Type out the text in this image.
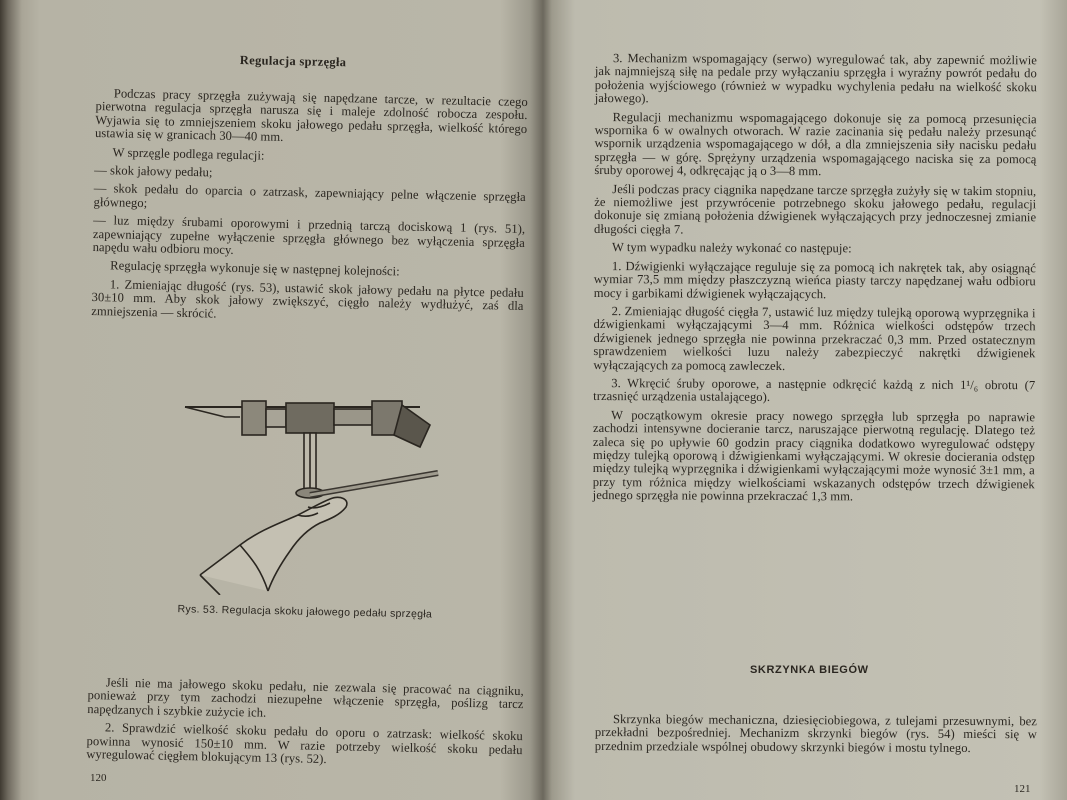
Regulacja sprzęgła

Podczas pracy sprzęgła zużywają się napędzane tarcze, w rezultacie czego pierwotna regulacja sprzęgła narusza się i maleje zdolność robocza zespołu. Wyjawia się to zmniejszeniem skoku jałowego pedału sprzęgła, wielkość którego ustawia się w granicach 30—40 mm.

W sprzęgle podlega regulacji:

— skok jałowy pedału;

— skok pedału do oparcia o zatrzask, zapewniający pelne włączenie sprzęgła głównego;

— luz między śrubami oporowymi i przednią tarczą dociskową 1 (rys. 51), zapewniający zupełne wyłączenie sprzęgła głównego bez wyłączenia sprzęgła napędu wału odbioru mocy.

Regulację sprzęgła wykonuje się w następnej kolejności:

1. Zmieniając długość (rys. 53), ustawić skok jałowy pedału na płytce pedału 30±10 mm. Aby skok jałowy zwiększyć, cięgło należy wydłużyć, zaś dla zmniejszenia — skrócić.

Rys. 53. Regulacja skoku jałowego pedału sprzęgła

Jeśli nie ma jałowego skoku pedału, nie zezwala się pracować na ciągniku, ponieważ przy tym zachodzi niezupełne włączenie sprzęgła, poślizg tarcz napędzanych i szybkie zużycie ich.

2. Sprawdzić wielkość skoku pedału do oporu o zatrzask: wielkość skoku powinna wynosić 150±10 mm. W razie potrzeby wielkość skoku pedału wyregulować cięgłem blokującym 13 (rys. 52).

120

3. Mechanizm wspomagający (serwo) wyregulować tak, aby zapewnić możliwie jak najmniejszą siłę na pedale przy wyłączaniu sprzęgła i wyraźny powrót pedału do położenia wyjściowego (również w wypadku wychylenia pedału na wielkość skoku jałowego).

Regulacji mechanizmu wspomagającego dokonuje się za pomocą przesunięcia wspornika 6 w owalnych otworach. W razie zacinania się pedału należy przesunąć wspornik urządzenia wspomagającego w dół, a dla zmniejszenia siły nacisku pedału sprzęgła — w górę. Sprężyny urządzenia wspomagającego naciska się za pomocą śruby oporowej 4, odkręcając ją o 3—8 mm.

Jeśli podczas pracy ciągnika napędzane tarcze sprzęgła zużyły się w takim stopniu, że niemożliwe jest przywrócenie potrzebnego skoku jałowego pedału, regulacji dokonuje się zmianą położenia dźwigienek wyłączających przy jednoczesnej zmianie długości cięgła 7.

W tym wypadku należy wykonać co następuje:

1. Dźwigienki wyłączające reguluje się za pomocą ich nakrętek tak, aby osiągnąć wymiar 73,5 mm między płaszczyzną wieńca piasty tarczy napędzanej wału odbioru mocy i garbikami dźwigienek wyłączających.

2. Zmieniając długość cięgła 7, ustawić luz między tulejką oporową wyprzęgnika i dźwigienkami wyłączającymi 3—4 mm. Różnica wielkości odstępów trzech dźwigienek jednego sprzęgła nie powinna przekraczać 0,3 mm. Przed ostatecznym sprawdzeniem wielkości luzu należy zabezpieczyć nakrętki dźwigienek wyłączających za pomocą zawleczek.

3. Wkręcić śruby oporowe, a następnie odkręcić każdą z nich 1¹/₆ obrotu (7 trzasnięć urządzenia ustalającego).

W początkowym okresie pracy nowego sprzęgła lub sprzęgła po naprawie zachodzi intensywne docieranie tarcz, naruszające pierwotną regulację. Dlatego też zaleca się po upływie 60 godzin pracy ciągnika dodatkowo wyregulować odstępy między tulejką oporową i dźwigienkami wyłączającymi. W okresie docierania odstęp między tulejką wyprzęgnika i dźwigienkami wyłączającymi może wynosić 3±1 mm, a przy tym różnica między wielkościami wskazanych odstępów trzech dźwigienek jednego sprzęgła nie powinna przekraczać 1,3 mm.

SKRZYNKA BIEGÓW

Skrzynka biegów mechaniczna, dziesięciobiegowa, z tulejami przesuwnymi, bez przekładni bezpośredniej. Mechanizm skrzynki biegów (rys. 54) mieści się w przednim przedziale wspólnej obudowy skrzynki biegów i mostu tylnego.

121
